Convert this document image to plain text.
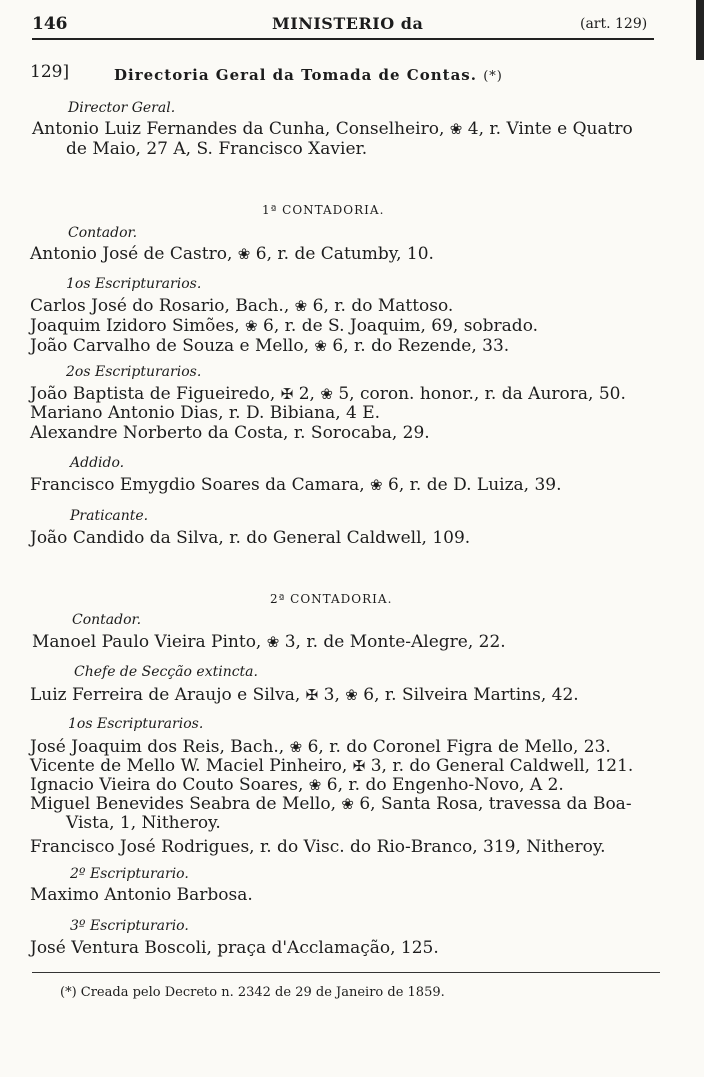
146	MINISTERIO da	(art. 129)
129]	Directoria Geral da Tomada de Contas. (*)
Director Geral.
Antonio Luiz Fernandes da Cunha, Conselheiro, ❀ 4, r. Vinte e Quatro
de Maio, 27 A, S. Francisco Xavier.
1ª CONTADORIA.
Contador.
Antonio José de Castro, ❀ 6, r. de Catumby, 10.
1os Escripturarios.
Carlos José do Rosario, Bach., ❀ 6, r. do Mattoso.
Joaquim Izidoro Simões, ❀ 6, r. de S. Joaquim, 69, sobrado.
João Carvalho de Souza e Mello, ❀ 6, r. do Rezende, 33.
2os Escripturarios.
João Baptista de Figueiredo, ✠ 2, ❀ 5, coron. honor., r. da Aurora, 50.
Mariano Antonio Dias, r. D. Bibiana, 4 E.
Alexandre Norberto da Costa, r. Sorocaba, 29.
Addido.
Francisco Emygdio Soares da Camara, ❀ 6, r. de D. Luiza, 39.
Praticante.
João Candido da Silva, r. do General Caldwell, 109.
2ª CONTADORIA.
Contador.
Manoel Paulo Vieira Pinto, ❀ 3, r. de Monte-Alegre, 22.
Chefe de Secção extincta.
Luiz Ferreira de Araujo e Silva, ✠ 3, ❀ 6, r. Silveira Martins, 42.
1os Escripturarios.
José Joaquim dos Reis, Bach., ❀ 6, r. do Coronel Figra de Mello, 23.
Vicente de Mello W. Maciel Pinheiro, ✠ 3, r. do General Caldwell, 121.
Ignacio Vieira do Couto Soares, ❀ 6, r. do Engenho-Novo, A 2.
Miguel Benevides Seabra de Mello, ❀ 6, Santa Rosa, travessa da Boa-
Vista, 1, Nitheroy.
Francisco José Rodrigues, r. do Visc. do Rio-Branco, 319, Nitheroy.
2º Escripturario.
Maximo Antonio Barbosa.
3º Escripturario.
José Ventura Boscoli, praça d'Acclamação, 125.
(*) Creada pelo Decreto n. 2342 de 29 de Janeiro de 1859.
